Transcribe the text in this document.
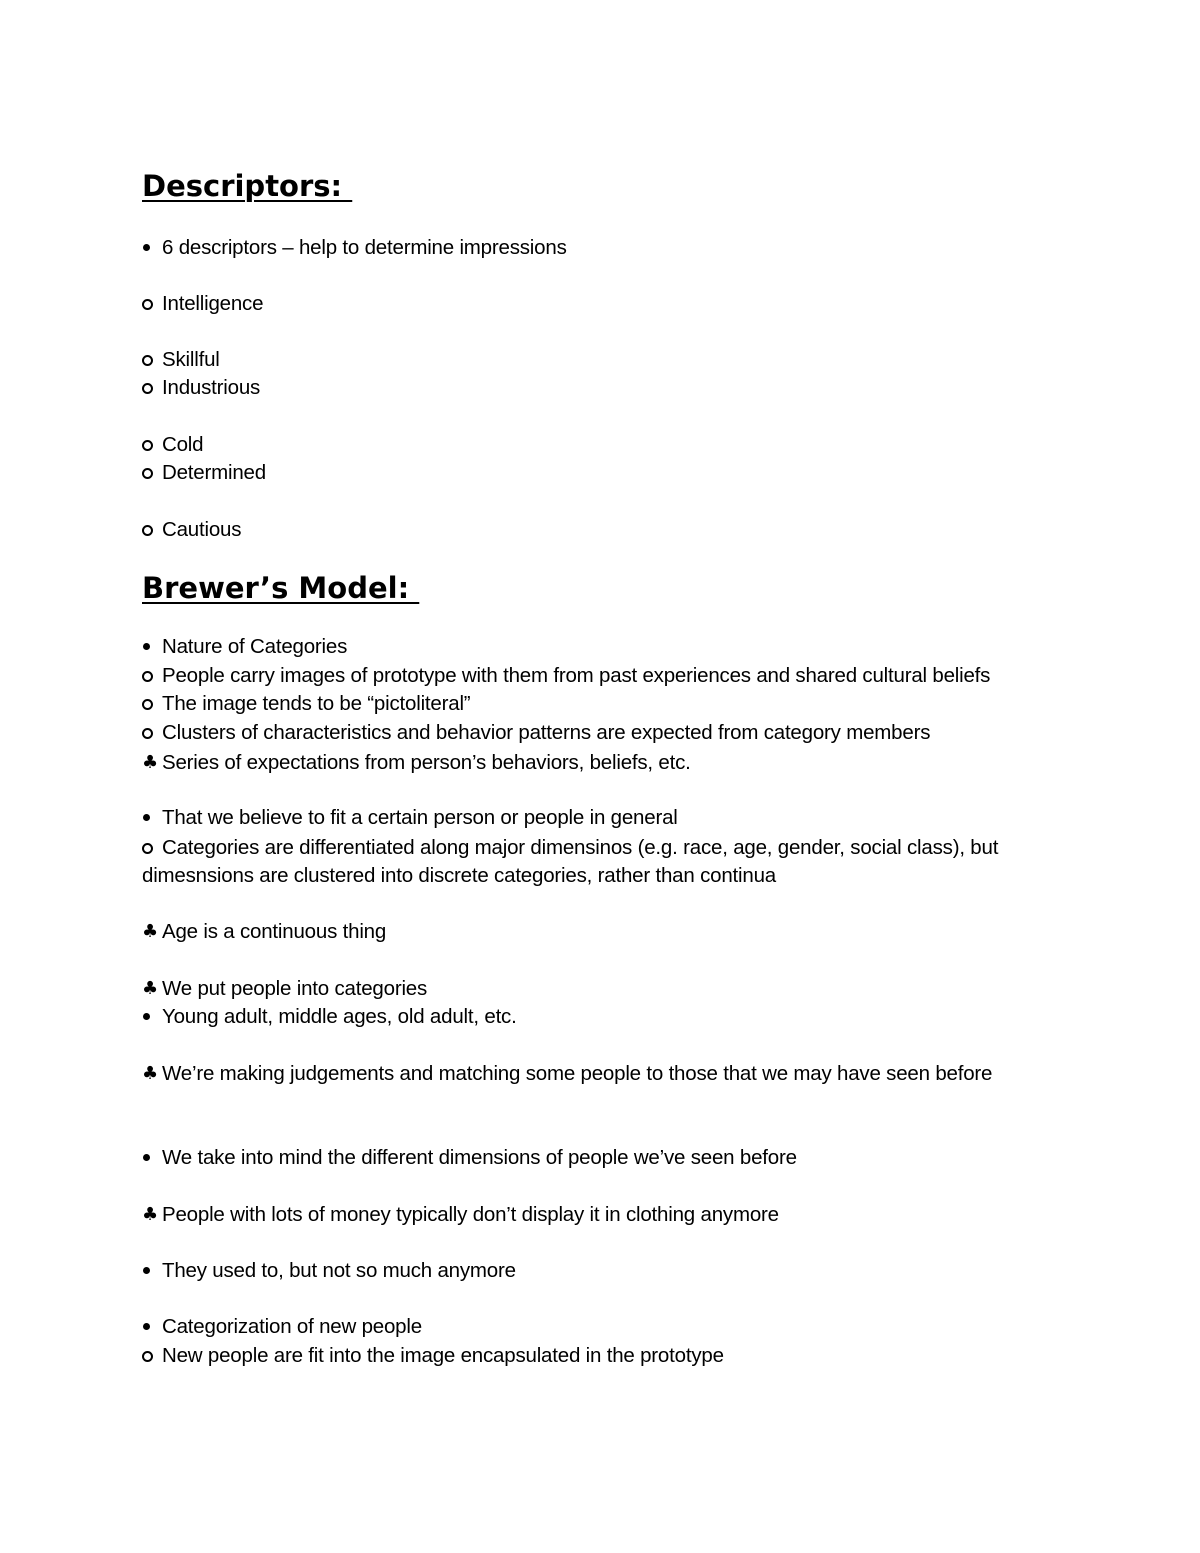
Descriptors:
6 descriptors – help to determine impressions
Intelligence
Skillful
Industrious
Cold
Determined
Cautious
Brewer’s Model:
Nature of Categories
People carry images of prototype with them from past experiences and shared cultural beliefs
The image tends to be “pictoliteral”
Clusters of characteristics and behavior patterns are expected from category members
♣ Series of expectations from person’s behaviors, beliefs, etc.
That we believe to fit a certain person or people in general
Categories are differentiated along major dimensinos (e.g. race, age, gender, social class), but dimesnsions are clustered into discrete categories, rather than continua
♣ Age is a continuous thing
♣ We put people into categories
Young adult, middle ages, old adult, etc.
♣ We’re making judgements and matching some people to those that we may have seen before
We take into mind the different dimensions of people we’ve seen before
♣ People with lots of money typically don’t display it in clothing anymore
They used to, but not so much anymore
Categorization of new people
New people are fit into the image encapsulated in the prototype
